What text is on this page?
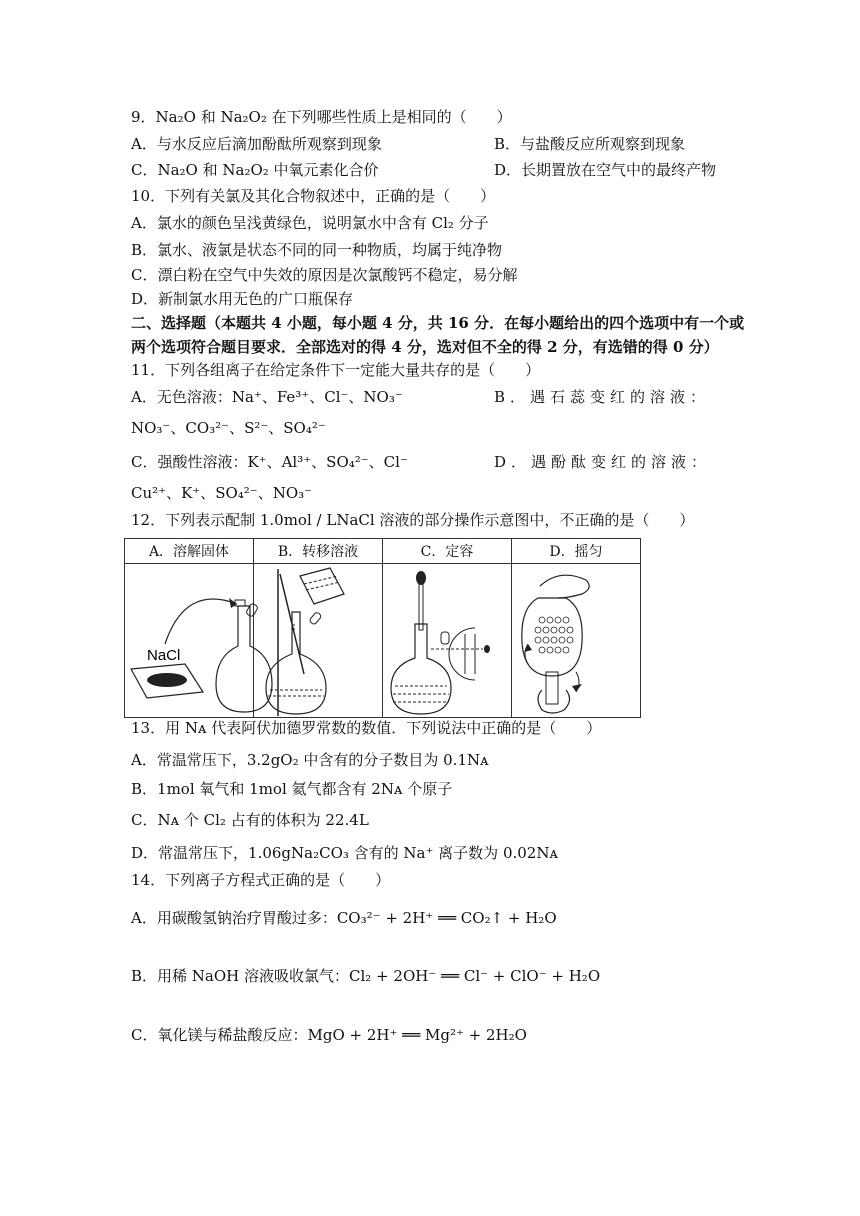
9．Na₂O 和 Na₂O₂ 在下列哪些性质上是相同的（　　）
A．与水反应后滴加酚酞所观察到现象	B．与盐酸反应所观察到现象
C．Na₂O 和 Na₂O₂ 中氧元素化合价	D．长期置放在空气中的最终产物
10．下列有关氯及其化合物叙述中，正确的是（　　）
A．氯水的颜色呈浅黄绿色，说明氯水中含有 Cl₂ 分子
B．氯水、液氯是状态不同的同一种物质，均属于纯净物
C．漂白粉在空气中失效的原因是次氯酸钙不稳定，易分解
D．新制氯水用无色的广口瓶保存
二、选择题（本题共 4 小题，每小题 4 分，共 16 分．在每小题给出的四个选项中有一个或
两个选项符合题目要求．全部选对的得 4 分，选对但不全的得 2 分，有选错的得 0 分）
11．下列各组离子在给定条件下一定能大量共存的是（　　）
A．无色溶液：Na⁺、Fe³⁺、Cl⁻、NO₃⁻	B．遇石蕊变红的溶液：
NO₃⁻、CO₃²⁻、S²⁻、SO₄²⁻
C．强酸性溶液：K⁺、Al³⁺、SO₄²⁻、Cl⁻	D．遇酚酞变红的溶液：
Cu²⁺、K⁺、SO₄²⁻、NO₃⁻
12．下列表示配制 1.0mol / LNaCl 溶液的部分操作示意图中，不正确的是（　　）
A．溶解固体	B．转移溶液	C．定容	D．摇匀

NaCl

13．用 Nᴀ 代表阿伏加德罗常数的数值．下列说法中正确的是（　　）
A．常温常压下，3.2gO₂ 中含有的分子数目为 0.1Nᴀ
B．1mol 氧气和 1mol 氦气都含有 2Nᴀ 个原子
C．Nᴀ 个 Cl₂ 占有的体积为 22.4L
D．常温常压下，1.06gNa₂CO₃ 含有的 Na⁺ 离子数为 0.02Nᴀ
14．下列离子方程式正确的是（　　）
A．用碳酸氢钠治疗胃酸过多：CO₃²⁻ + 2H⁺ ══ CO₂↑ + H₂O
B．用稀 NaOH 溶液吸收氯气：Cl₂ + 2OH⁻ ══ Cl⁻ + ClO⁻ + H₂O
C．氧化镁与稀盐酸反应：MgO + 2H⁺ ══ Mg²⁺ + 2H₂O
